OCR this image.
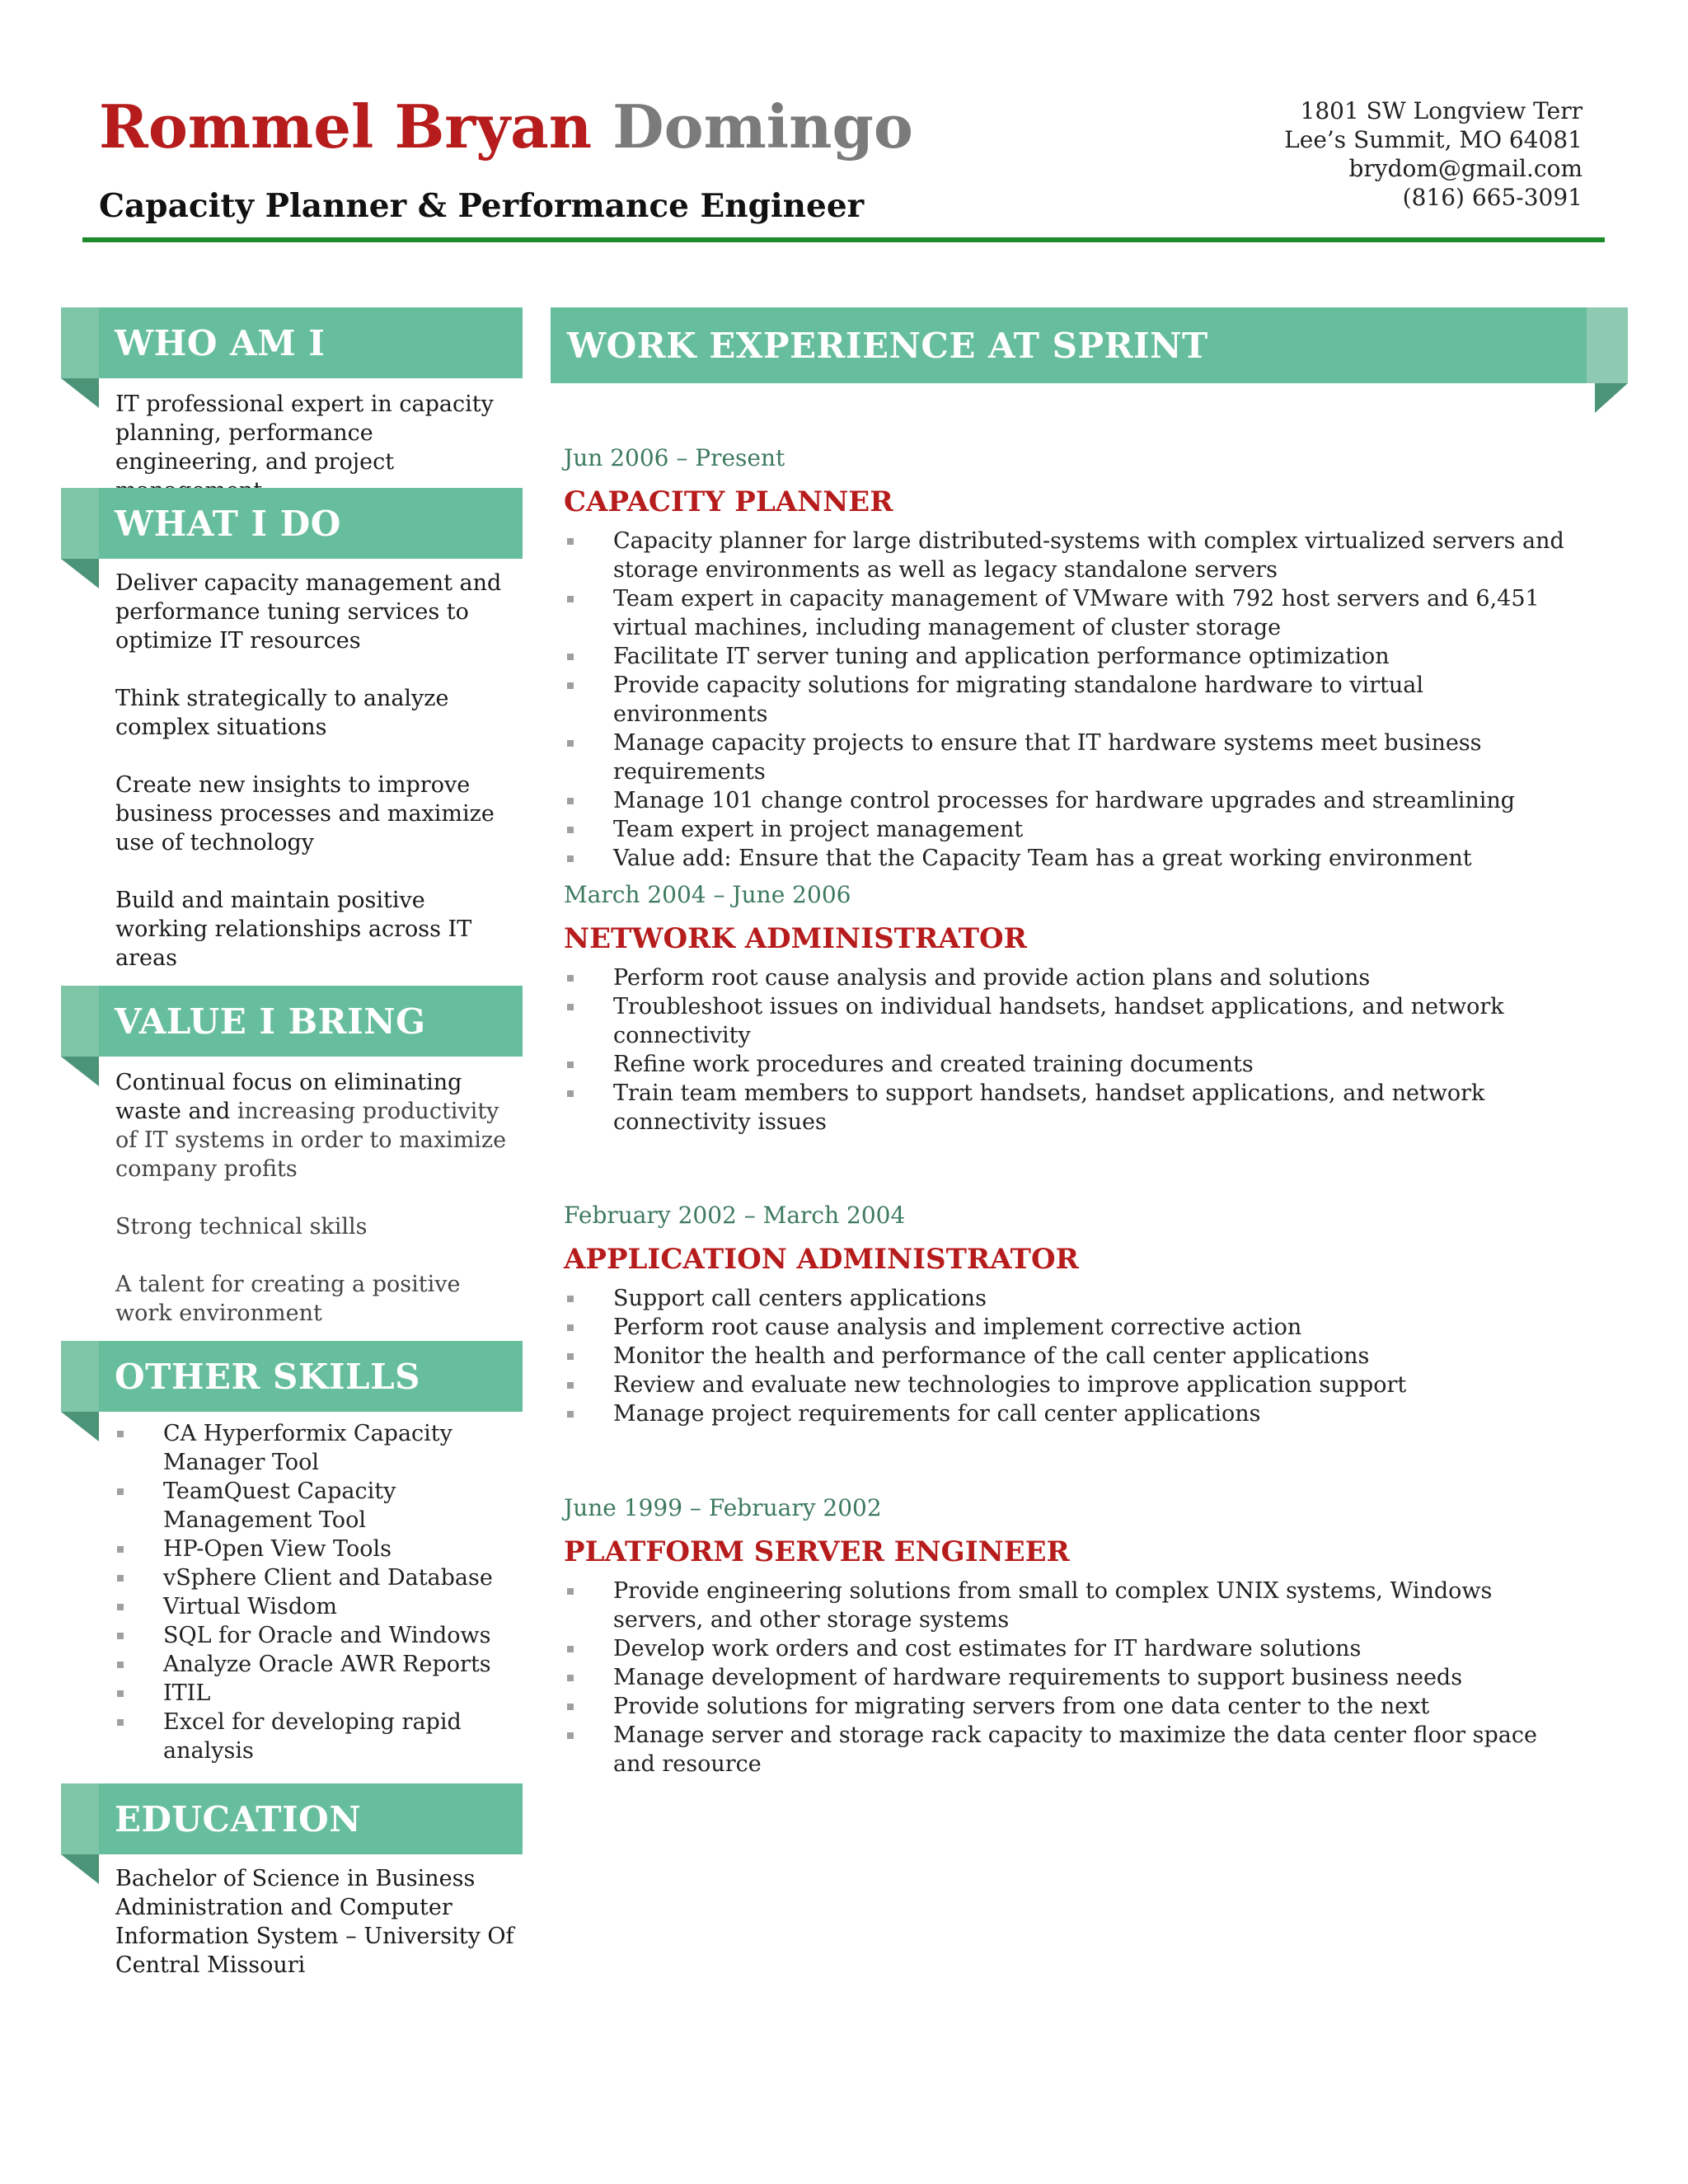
Rommel Bryan Domingo
Capacity Planner & Performance Engineer
1801 SW Longview Terr
Lee’s Summit, MO 64081
brydom@gmail.com
(816) 665-3091
WHO AM I

IT professional expert in capacity planning, performance engineering, and project

WHAT I DO

Deliver capacity management and performance tuning services to optimize IT resources

Think strategically to analyze complex situations

Create new insights to improve business processes and maximize use of technology

Build and maintain positive working relationships across IT areas

VALUE I BRING

Continual focus on eliminating waste and increasing productivity of IT systems in order to maximize company profits

Strong technical skills

A talent for creating a positive work environment

OTHER SKILLS
CA Hyperformix Capacity Manager Tool
TeamQuest Capacity Management Tool
HP-Open View Tools
vSphere Client and Database
Virtual Wisdom
SQL for Oracle and Windows
Analyze Oracle AWR Reports
ITIL
Excel for developing rapid analysis
EDUCATION

Bachelor of Science in Business Administration and Computer Information System – University Of Central Missouri

WORK EXPERIENCE AT SPRINT
Jun 2006 – Present
CAPACITY PLANNER
Capacity planner for large distributed-systems with complex virtualized servers and storage environments as well as legacy standalone servers
Team expert in capacity management of VMware with 792 host servers and 6,451 virtual machines, including management of cluster storage
Facilitate IT server tuning and application performance optimization
Provide capacity solutions for migrating standalone hardware to virtual environments
Manage capacity projects to ensure that IT hardware systems meet business requirements
Manage 101 change control processes for hardware upgrades and streamlining
Team expert in project management
Value add: Ensure that the Capacity Team has a great working environment
March 2004 – June 2006
NETWORK ADMINISTRATOR
Perform root cause analysis and provide action plans and solutions
Troubleshoot issues on individual handsets, handset applications, and network connectivity
Refine work procedures and created training documents
Train team members to support handsets, handset applications, and network connectivity issues
February 2002 – March 2004
APPLICATION ADMINISTRATOR
Support call centers applications
Perform root cause analysis and implement corrective action
Monitor the health and performance of the call center applications
Review and evaluate new technologies to improve application support
Manage project requirements for call center applications
June 1999 – February 2002
PLATFORM SERVER ENGINEER
Provide engineering solutions from small to complex UNIX systems, Windows servers, and other storage systems
Develop work orders and cost estimates for IT hardware solutions
Manage development of hardware requirements to support business needs
Provide solutions for migrating servers from one data center to the next
Manage server and storage rack capacity to maximize the data center floor space and resource
